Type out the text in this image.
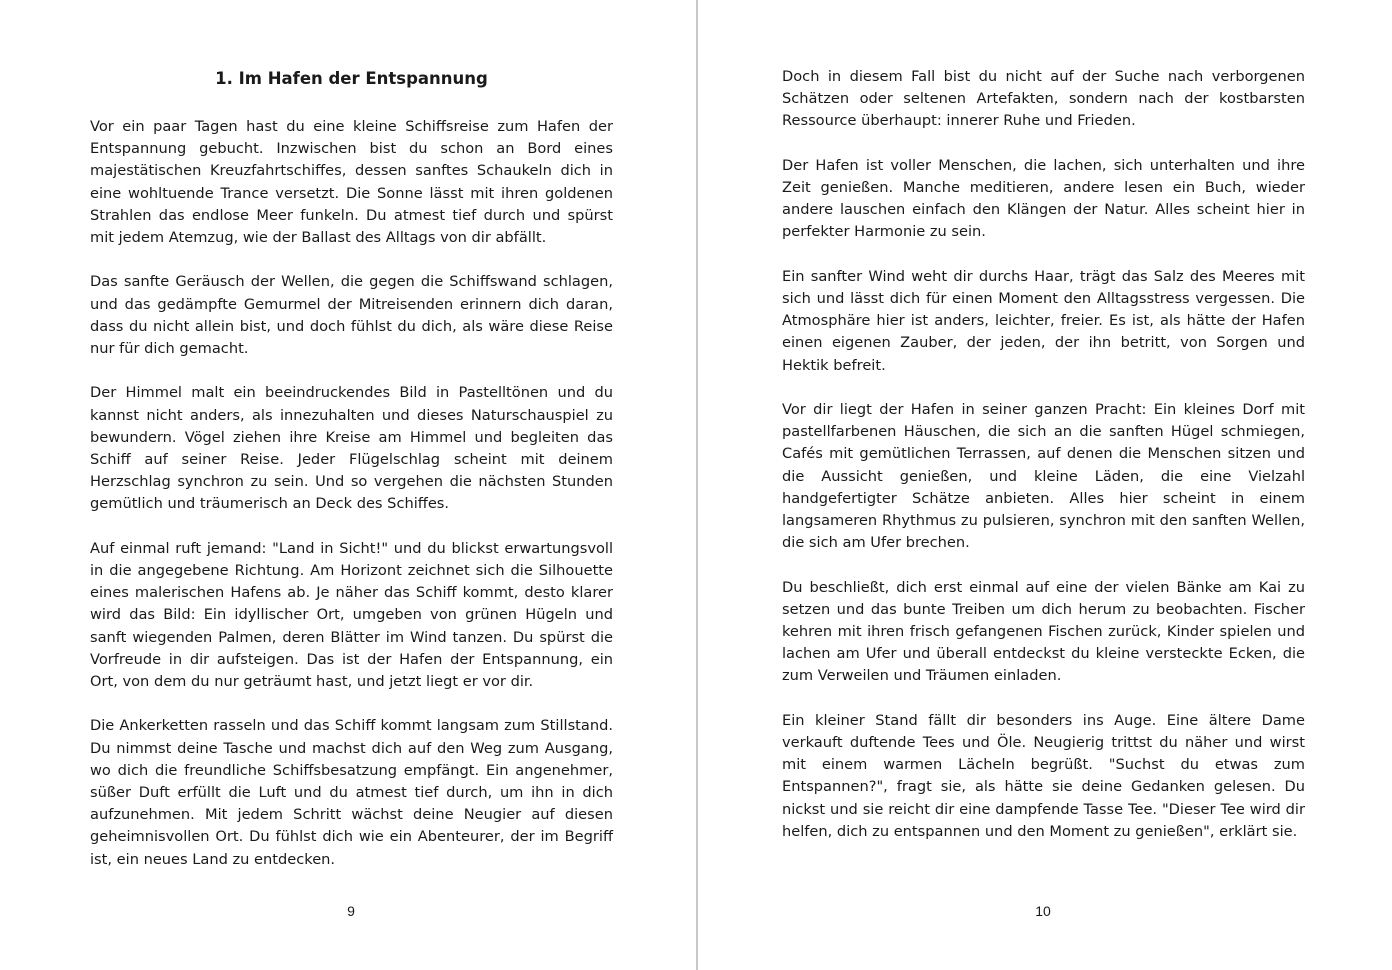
1. Im Hafen der Entspannung

Vor ein paar Tagen hast du eine kleine Schiffsreise zum Hafen der Entspannung gebucht. Inzwischen bist du schon an Bord eines majestätischen Kreuzfahrtschiffes, dessen sanftes Schaukeln dich in eine wohltuende Trance versetzt. Die Sonne lässt mit ihren goldenen Strahlen das endlose Meer funkeln. Du atmest tief durch und spürst mit jedem Atemzug, wie der Ballast des Alltags von dir abfällt.

Das sanfte Geräusch der Wellen, die gegen die Schiffswand schlagen, und das gedämpfte Gemurmel der Mitreisenden erinnern dich daran, dass du nicht allein bist, und doch fühlst du dich, als wäre diese Reise nur für dich gemacht.

Der Himmel malt ein beeindruckendes Bild in Pastelltönen und du kannst nicht anders, als innezuhalten und dieses Naturschauspiel zu bewundern. Vögel ziehen ihre Kreise am Himmel und begleiten das Schiff auf seiner Reise. Jeder Flügelschlag scheint mit deinem Herzschlag synchron zu sein. Und so vergehen die nächsten Stunden gemütlich und träumerisch an Deck des Schiffes.

Auf einmal ruft jemand: "Land in Sicht!" und du blickst erwartungsvoll in die angegebene Richtung. Am Horizont zeichnet sich die Silhouette eines malerischen Hafens ab. Je näher das Schiff kommt, desto klarer wird das Bild: Ein idyllischer Ort, umgeben von grünen Hügeln und sanft wiegenden Palmen, deren Blätter im Wind tanzen. Du spürst die Vorfreude in dir aufsteigen. Das ist der Hafen der Entspannung, ein Ort, von dem du nur geträumt hast, und jetzt liegt er vor dir.

Die Ankerketten rasseln und das Schiff kommt langsam zum Stillstand. Du nimmst deine Tasche und machst dich auf den Weg zum Ausgang, wo dich die freundliche Schiffsbesatzung empfängt. Ein angenehmer, süßer Duft erfüllt die Luft und du atmest tief durch, um ihn in dich aufzunehmen. Mit jedem Schritt wächst deine Neugier auf diesen geheimnisvollen Ort. Du fühlst dich wie ein Abenteurer, der im Begriff ist, ein neues Land zu entdecken.

9

Doch in diesem Fall bist du nicht auf der Suche nach verborgenen Schätzen oder seltenen Artefakten, sondern nach der kostbarsten Ressource überhaupt: innerer Ruhe und Frieden.

Der Hafen ist voller Menschen, die lachen, sich unterhalten und ihre Zeit genießen. Manche meditieren, andere lesen ein Buch, wieder andere lauschen einfach den Klängen der Natur. Alles scheint hier in perfekter Harmonie zu sein.

Ein sanfter Wind weht dir durchs Haar, trägt das Salz des Meeres mit sich und lässt dich für einen Moment den Alltagsstress vergessen. Die Atmosphäre hier ist anders, leichter, freier. Es ist, als hätte der Hafen einen eigenen Zauber, der jeden, der ihn betritt, von Sorgen und Hektik befreit.

Vor dir liegt der Hafen in seiner ganzen Pracht: Ein kleines Dorf mit pastellfarbenen Häuschen, die sich an die sanften Hügel schmiegen, Cafés mit gemütlichen Terrassen, auf denen die Menschen sitzen und die Aussicht genießen, und kleine Läden, die eine Vielzahl handgefertigter Schätze anbieten. Alles hier scheint in einem langsameren Rhythmus zu pulsieren, synchron mit den sanften Wellen, die sich am Ufer brechen.

Du beschließt, dich erst einmal auf eine der vielen Bänke am Kai zu setzen und das bunte Treiben um dich herum zu beobachten. Fischer kehren mit ihren frisch gefangenen Fischen zurück, Kinder spielen und lachen am Ufer und überall entdeckst du kleine versteckte Ecken, die zum Verweilen und Träumen einladen.

Ein kleiner Stand fällt dir besonders ins Auge. Eine ältere Dame verkauft duftende Tees und Öle. Neugierig trittst du näher und wirst mit einem warmen Lächeln begrüßt. "Suchst du etwas zum Entspannen?", fragt sie, als hätte sie deine Gedanken gelesen. Du nickst und sie reicht dir eine dampfende Tasse Tee. "Dieser Tee wird dir helfen, dich zu entspannen und den Moment zu genießen", erklärt sie.

10
